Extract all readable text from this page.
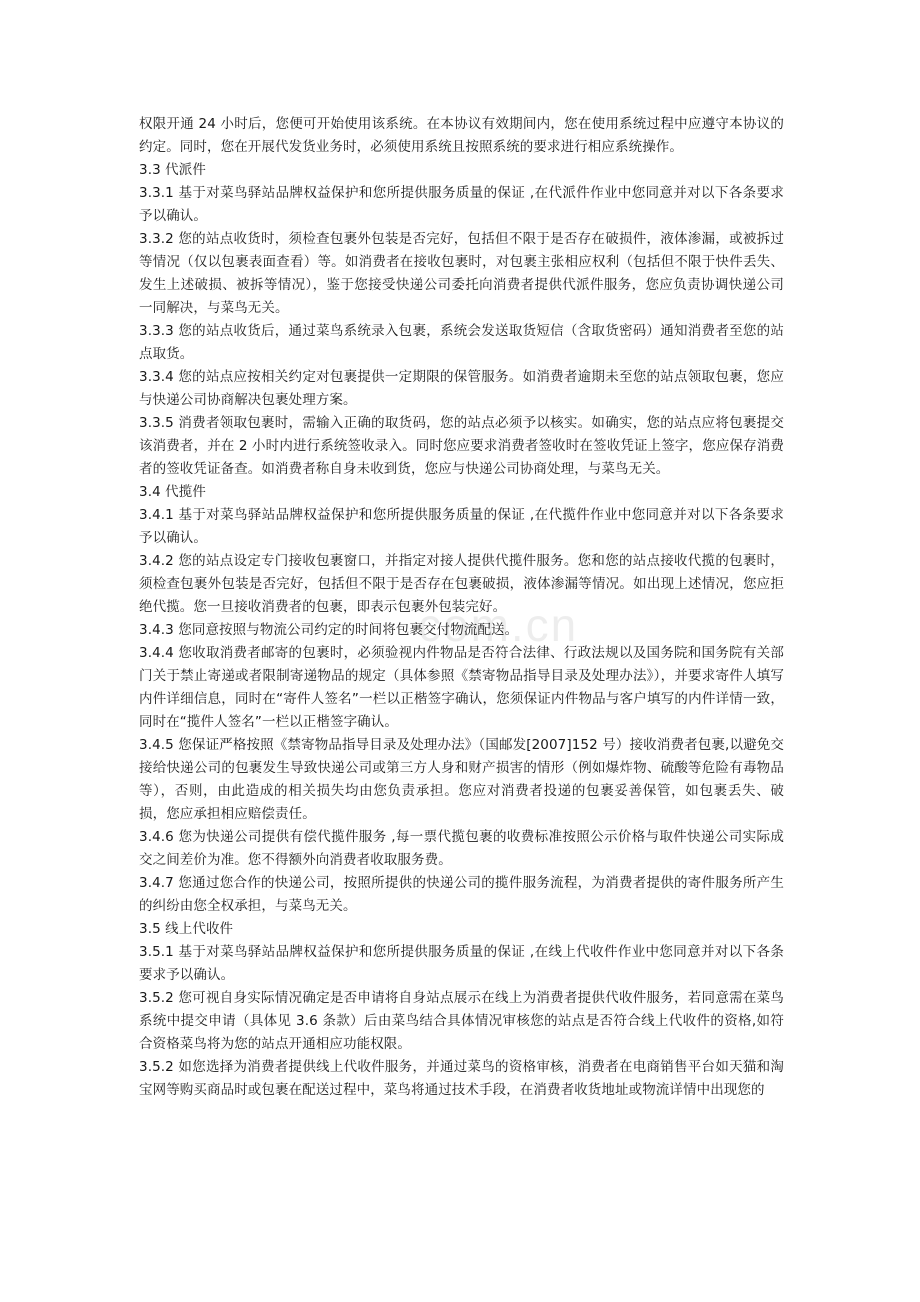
权限开通 24 小时后，您便可开始使用该系统。在本协议有效期间内，您在使用系统过程中应遵守本协议的约定。同时，您在开展代发货业务时，必须使用系统且按照系统的要求进行相应系统操作。

3.3 代派件

3.3.1 基于对菜鸟驿站品牌权益保护和您所提供服务质量的保证 ,在代派件作业中您同意并对以下各条要求予以确认。

3.3.2 您的站点收货时，须检查包裹外包装是否完好，包括但不限于是否存在破损件，液体渗漏，或被拆过等情况（仅以包裹表面查看）等。如消费者在接收包裹时，对包裹主张相应权利（包括但不限于快件丢失、发生上述破损、被拆等情况），鉴于您接受快递公司委托向消费者提供代派件服务，您应负责协调快递公司一同解决，与菜鸟无关。

3.3.3 您的站点收货后，通过菜鸟系统录入包裹，系统会发送取货短信（含取货密码）通知消费者至您的站点取货。

3.3.4 您的站点应按相关约定对包裹提供一定期限的保管服务。如消费者逾期未至您的站点领取包裹，您应与快递公司协商解决包裹处理方案。

3.3.5 消费者领取包裹时，需输入正确的取货码，您的站点必须予以核实。如确实，您的站点应将包裹提交该消费者，并在 2 小时内进行系统签收录入。同时您应要求消费者签收时在签收凭证上签字，您应保存消费者的签收凭证备查。如消费者称自身未收到货，您应与快递公司协商处理，与菜鸟无关。

3.4 代揽件

3.4.1 基于对菜鸟驿站品牌权益保护和您所提供服务质量的保证 ,在代揽件作业中您同意并对以下各条要求予以确认。

3.4.2 您的站点设定专门接收包裹窗口，并指定对接人提供代揽件服务。您和您的站点接收代揽的包裹时，须检查包裹外包装是否完好，包括但不限于是否存在包裹破损，液体渗漏等情况。如出现上述情况，您应拒绝代揽。您一旦接收消费者的包裹，即表示包裹外包装完好。

3.4.3 您同意按照与物流公司约定的时间将包裹交付物流配送。

3.4.4 您收取消费者邮寄的包裹时，必须验视内件物品是否符合法律、行政法规以及国务院和国务院有关部门关于禁止寄递或者限制寄递物品的规定（具体参照《禁寄物品指导目录及处理办法》），并要求寄件人填写内件详细信息，同时在“寄件人签名”一栏以正楷签字确认，您须保证内件物品与客户填写的内件详情一致，同时在“揽件人签名”一栏以正楷签字确认。

3.4.5 您保证严格按照《禁寄物品指导目录及处理办法》（国邮发[2007]152 号）接收消费者包裹,以避免交接给快递公司的包裹发生导致快递公司或第三方人身和财产损害的情形（例如爆炸物、硫酸等危险有毒物品等），否则，由此造成的相关损失均由您负责承担。您应对消费者投递的包裹妥善保管，如包裹丢失、破损，您应承担相应赔偿责任。

3.4.6 您为快递公司提供有偿代揽件服务 ,每一票代揽包裹的收费标准按照公示价格与取件快递公司实际成交之间差价为准。您不得额外向消费者收取服务费。

3.4.7 您通过您合作的快递公司，按照所提供的快递公司的揽件服务流程，为消费者提供的寄件服务所产生的纠纷由您全权承担，与菜鸟无关。

3.5 线上代收件

3.5.1 基于对菜鸟驿站品牌权益保护和您所提供服务质量的保证 ,在线上代收件作业中您同意并对以下各条要求予以确认。

3.5.2 您可视自身实际情况确定是否申请将自身站点展示在线上为消费者提供代收件服务，若同意需在菜鸟系统中提交申请（具体见 3.6 条款）后由菜鸟结合具体情况审核您的站点是否符合线上代收件的资格,如符合资格菜鸟将为您的站点开通相应功能权限。

3.5.2 如您选择为消费者提供线上代收件服务，并通过菜鸟的资格审核，消费者在电商销售平台如天猫和淘宝网等购买商品时或包裹在配送过程中，菜鸟将通过技术手段，在消费者收货地址或物流详情中出现您的

com.cn
